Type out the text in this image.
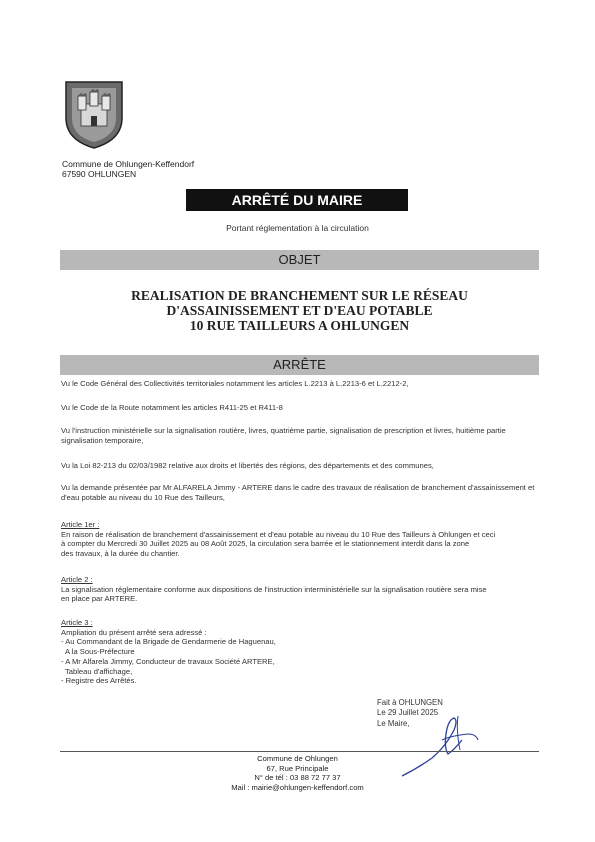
Commune de Ohlungen-Keffendorf
67590 OHLUNGEN
ARRÊTÉ DU MAIRE
Portant réglementation à la circulation
OBJET
REALISATION DE BRANCHEMENT SUR LE RÉSEAU
D'ASSAINISSEMENT ET D'EAU POTABLE
10 RUE TAILLEURS A OHLUNGEN
ARRÊTE
Vu le Code Général des Collectivités territoriales notamment les articles L.2213 à L.2213-6 et L.2212-2,
Vu le Code de la Route notamment les articles R411-25 et R411-8
Vu l'instruction ministérielle sur la signalisation routière, livres, quatrième partie, signalisation de prescription et livres, huitième partie signalisation temporaire,
Vu la Loi 82-213 du 02/03/1982 relative aux droits et libertés des régions, des départements et des communes,
Vu la demande présentée par Mr ALFARELA Jimmy - ARTERE dans le cadre des travaux de réalisation de branchement d'assainissement et d'eau potable au niveau du 10 Rue des Tailleurs,
Article 1er :
En raison de réalisation de branchement d'assainissement et d'eau potable au niveau du 10 Rue des Tailleurs à Ohlungen et ceci
à compter du Mercredi 30 Juillet 2025 au 08 Août 2025, la circulation sera barrée et le stationnement interdit dans la zone
des travaux, à la durée du chantier.
Article 2 :
La signalisation réglementaire conforme aux dispositions de l'instruction interministérielle sur la signalisation routière sera mise
en place par ARTERE.
Article 3 :
Ampliation du présent arrêté sera adressé :
- Au Commandant de la Brigade de Gendarmerie de Haguenau,
A la Sous-Préfecture
- A Mr Alfarela Jimmy, Conducteur de travaux Société ARTERE,
Tableau d'affichage,
- Registre des Arrêtés.
Fait à OHLUNGEN
Le 29 Juillet 2025
Le Maire,
Commune de Ohlungen
67, Rue Principale
N° de tél : 03 88 72 77 37
Mail : mairie@ohlungen-keffendorf.com
